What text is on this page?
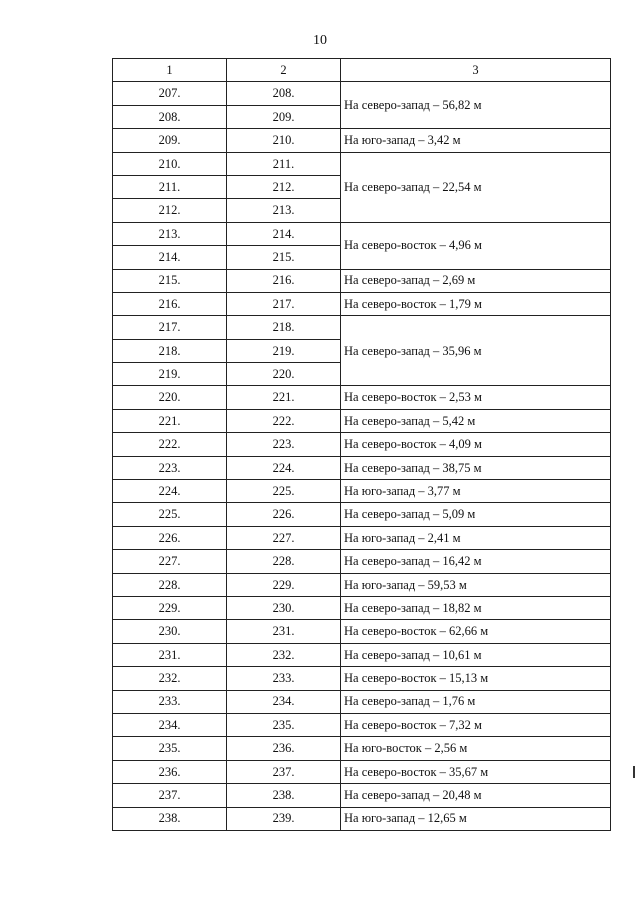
10
1	2	3
207.	208.	На северо-запад – 56,82 м
208.	209.	
209.	210.	На юго-запад – 3,42 м
210.	211.	На северо-запад – 22,54 м
211.	212.	
212.	213.	
213.	214.	На северо-восток – 4,96 м
214.	215.	
215.	216.	На северо-запад – 2,69 м
216.	217.	На северо-восток – 1,79 м
217.	218.	На северо-запад – 35,96 м
218.	219.	
219.	220.	
220.	221.	На северо-восток – 2,53 м
221.	222.	На северо-запад – 5,42 м
222.	223.	На северо-восток – 4,09 м
223.	224.	На северо-запад – 38,75 м
224.	225.	На юго-запад – 3,77 м
225.	226.	На северо-запад – 5,09 м
226.	227.	На юго-запад – 2,41 м
227.	228.	На северо-запад – 16,42 м
228.	229.	На юго-запад – 59,53 м
229.	230.	На северо-запад – 18,82 м
230.	231.	На северо-восток – 62,66 м
231.	232.	На северо-запад – 10,61 м
232.	233.	На северо-восток – 15,13 м
233.	234.	На северо-запад – 1,76 м
234.	235.	На северо-восток – 7,32 м
235.	236.	На юго-восток – 2,56 м
236.	237.	На северо-восток – 35,67 м
237.	238.	На северо-запад – 20,48 м
238.	239.	На юго-запад – 12,65 м
